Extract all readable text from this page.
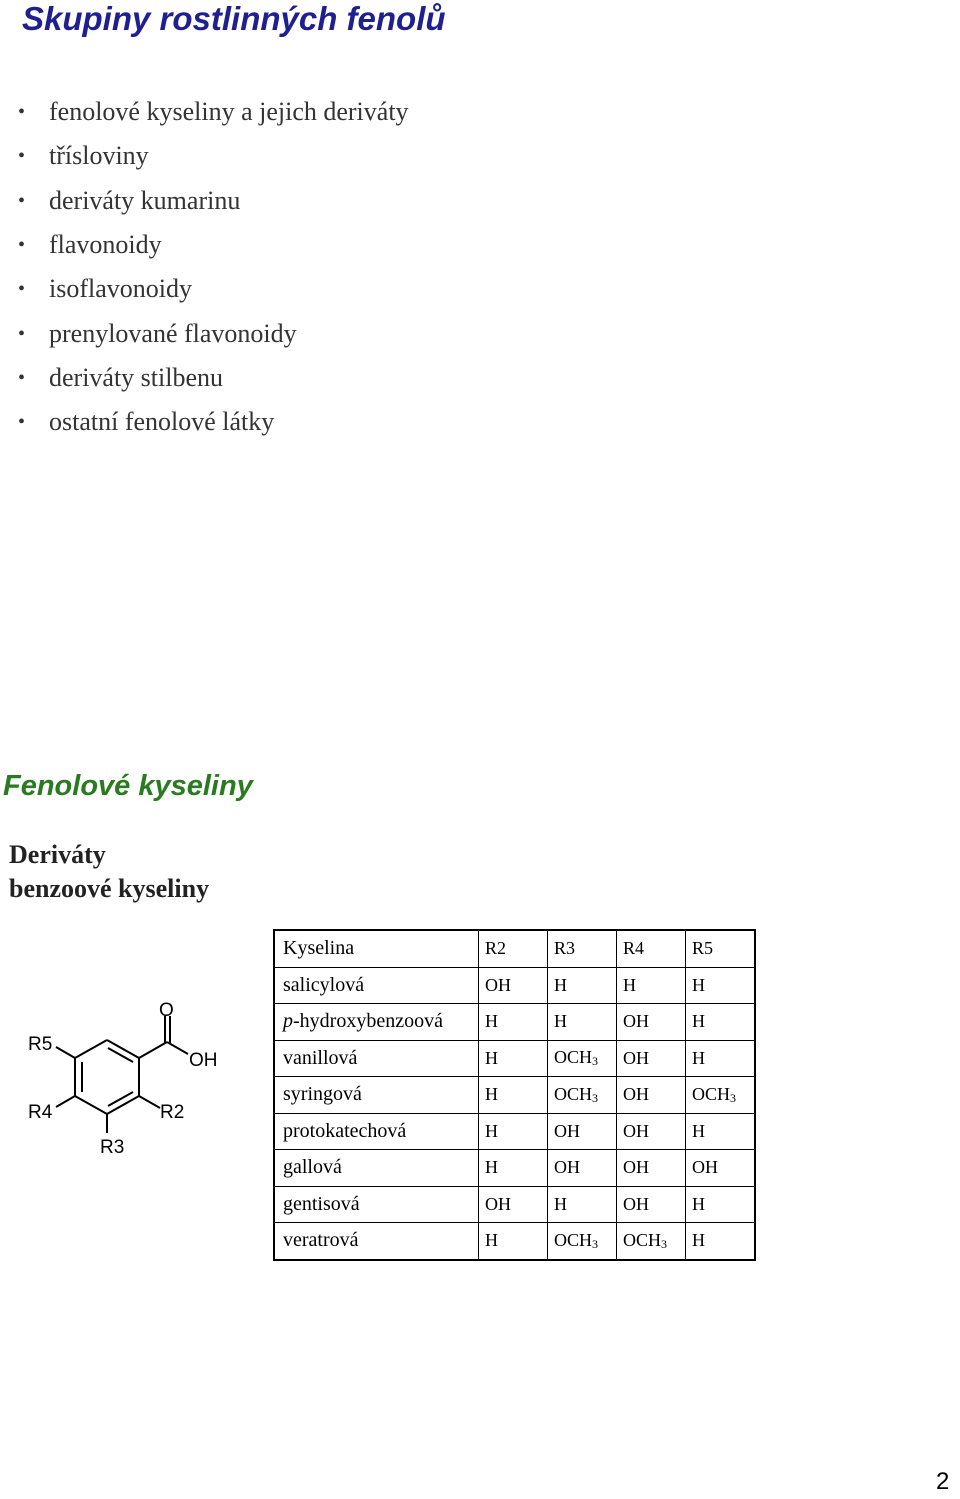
Skupiny rostlinných fenolů
• fenolové kyseliny a jejich deriváty
• třísloviny
• deriváty kumarinu
• flavonoidy
• isoflavonoidy
• prenylované flavonoidy
• deriváty stilbenu
• ostatní fenolové látky
Fenolové kyseliny
Deriváty
benzoové kyseliny
O
OH
R2
R3
R4
R5
Kyselina	R2	R3	R4	R5
salicylová	OH	H	H	H
p-hydroxybenzoová	H	H	OH	H
vanillová	H	$OCH_3$	OH	H
syringová	H	$OCH_3$	OH	$OCH_3$
protokatechová	H	OH	OH	H
gallová	H	OH	OH	OH
gentisová	OH	H	OH	H
veratrová	H	$OCH_3$	$OCH_3$	H
2
